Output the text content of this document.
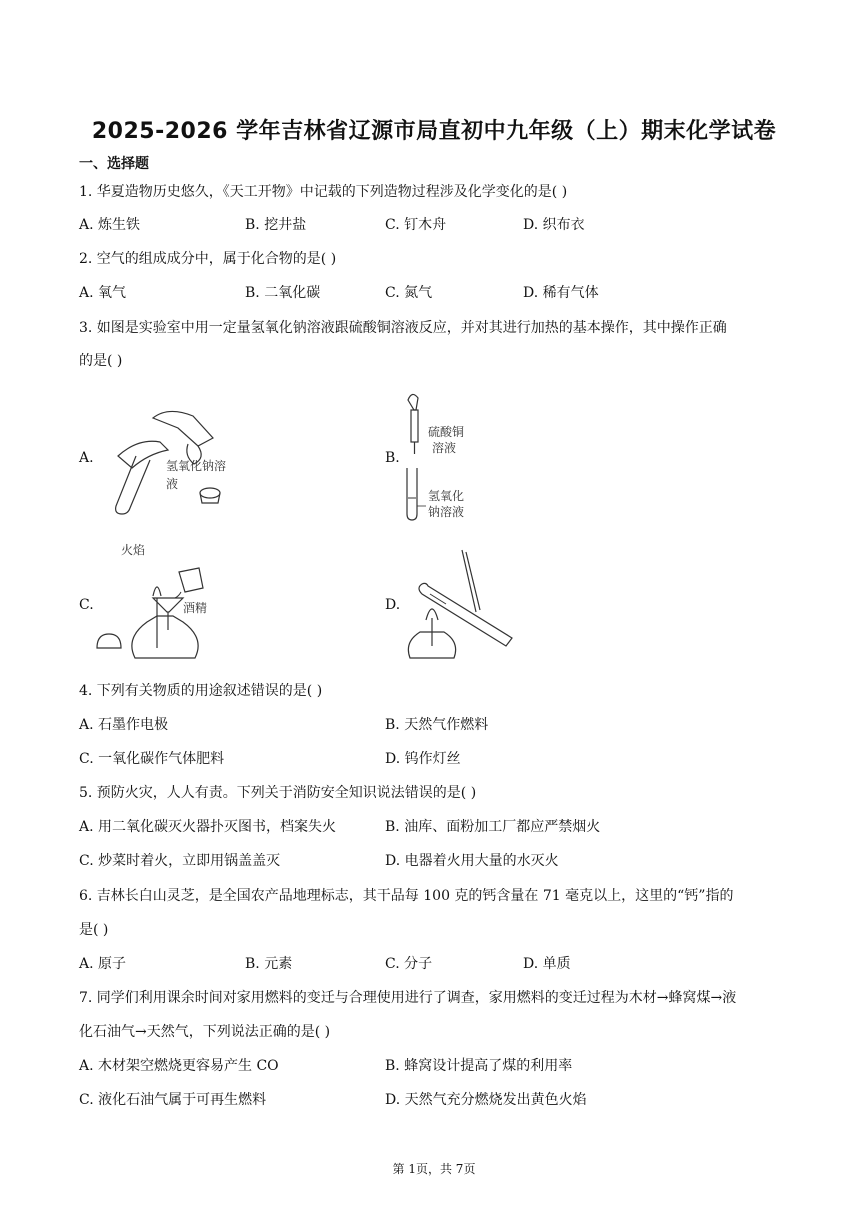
2025-2026 学年吉林省辽源市局直初中九年级（上）期末化学试卷
一、选择题
1. 华夏造物历史悠久，《天工开物》中记载的下列造物过程涉及化学变化的是( )
A. 炼生铁	B. 挖井盐	C. 钉木舟	D. 织布衣
2. 空气的组成成分中，属于化合物的是( )
A. 氧气	B. 二氧化碳	C. 氮气	D. 稀有气体
3. 如图是实验室中用一定量氢氧化钠溶液跟硫酸铜溶液反应，并对其进行加热的基本操作，其中操作正确
的是( )
A.	氢氧化钠溶
液
B.
硫酸铜
溶液
氢氧化
钠溶液
C.
火焰
酒精	D.
4. 下列有关物质的用途叙述错误的是( )
A. 石墨作电极	B. 天然气作燃料
C. 一氧化碳作气体肥料	D. 钨作灯丝
5. 预防火灾，人人有责。下列关于消防安全知识说法错误的是( )
A. 用二氧化碳灭火器扑灭图书，档案失火	B. 油库、面粉加工厂都应严禁烟火
C. 炒菜时着火，立即用锅盖盖灭	D. 电器着火用大量的水灭火
6. 吉林长白山灵芝，是全国农产品地理标志，其干品每 100 克的钙含量在 71 毫克以上，这里的“钙”指的
是( )
A. 原子	B. 元素	C. 分子	D. 单质
7. 同学们利用课余时间对家用燃料的变迁与合理使用进行了调查，家用燃料的变迁过程为木材→蜂窝煤→液
化石油气→天然气，下列说法正确的是( )
A. 木材架空燃烧更容易产生 CO	B. 蜂窝设计提高了煤的利用率
C. 液化石油气属于可再生燃料	D. 天然气充分燃烧发出黄色火焰
第 1页，共 7页
